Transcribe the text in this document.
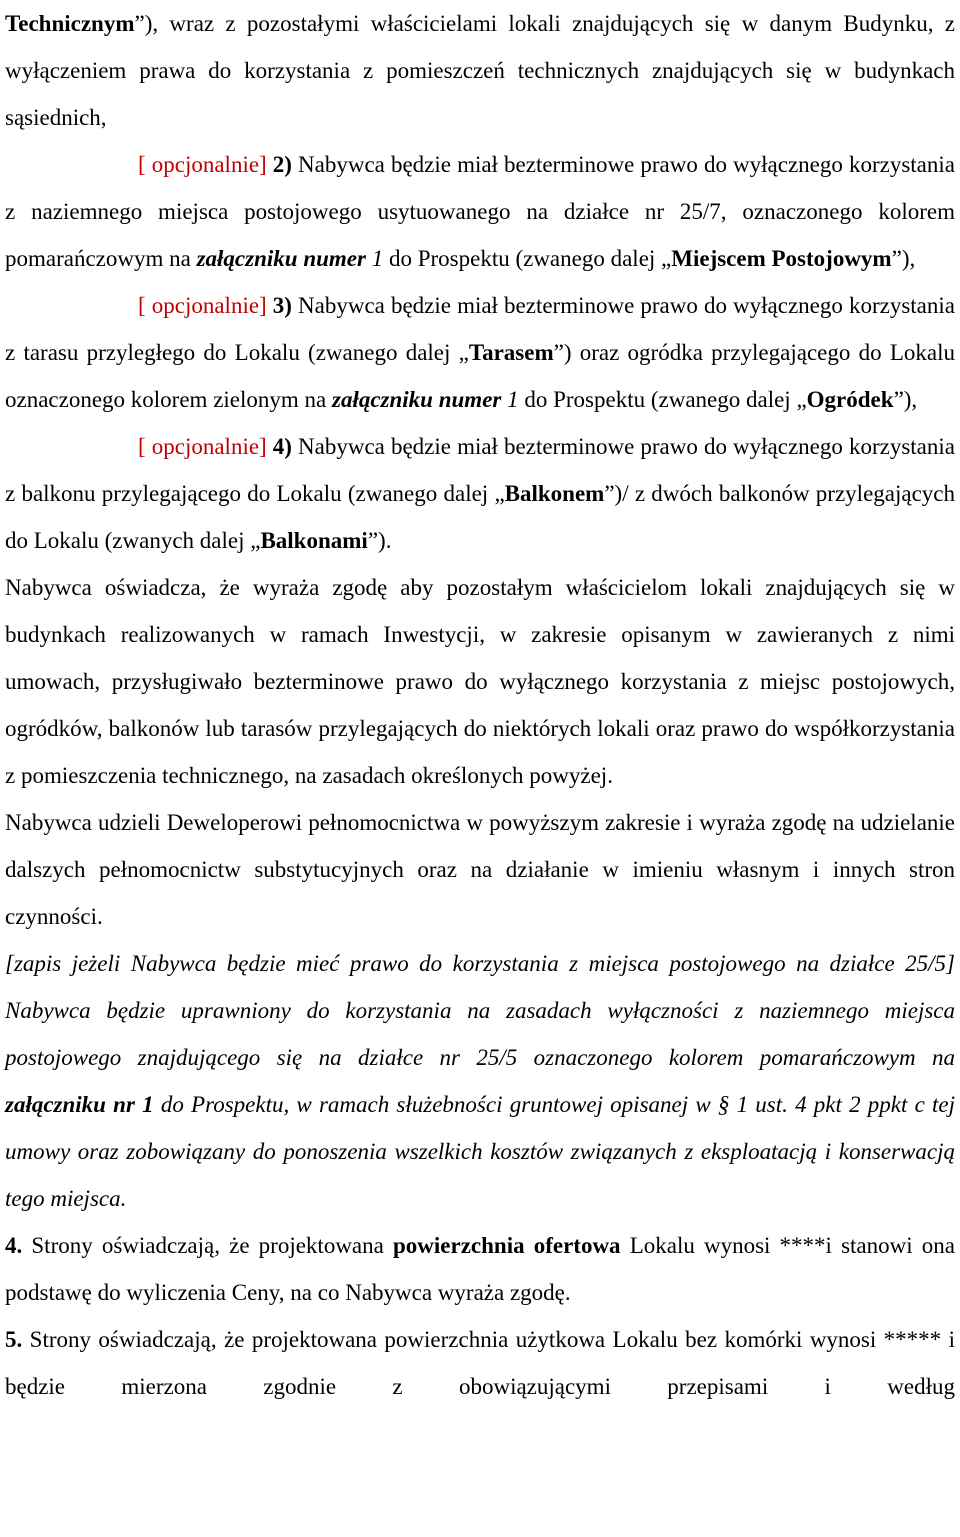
Technicznym”), wraz z pozostałymi właścicielami lokali znajdujących się w danym Budynku, z wyłączeniem prawa do korzystania z pomieszczeń technicznych znajdujących się w budynkach sąsiednich,

[ opcjonalnie] 2) Nabywca będzie miał bezterminowe prawo do wyłącznego korzystania z naziemnego miejsca postojowego usytuowanego na działce nr 25/7, oznaczonego kolorem pomarańczowym na załączniku numer 1 do Prospektu (zwanego dalej „Miejscem Postojowym”),

[ opcjonalnie] 3) Nabywca będzie miał bezterminowe prawo do wyłącznego korzystania z tarasu przyległego do Lokalu (zwanego dalej „Tarasem”) oraz ogródka przylegającego do Lokalu oznaczonego kolorem zielonym na załączniku numer 1 do Prospektu (zwanego dalej „Ogródek”),

[ opcjonalnie] 4) Nabywca będzie miał bezterminowe prawo do wyłącznego korzystania z balkonu przylegającego do Lokalu (zwanego dalej „Balkonem”)/ z dwóch balkonów przylegających do Lokalu (zwanych dalej „Balkonami”).

Nabywca oświadcza, że wyraża zgodę aby pozostałym właścicielom lokali znajdujących się w budynkach realizowanych w ramach Inwestycji, w zakresie opisanym w zawieranych z nimi umowach, przysługiwało bezterminowe prawo do wyłącznego korzystania z miejsc postojowych, ogródków, balkonów lub tarasów przylegających do niektórych lokali oraz prawo do współkorzystania z pomieszczenia technicznego, na zasadach określonych powyżej.

Nabywca udzieli Deweloperowi pełnomocnictwa w powyższym zakresie i wyraża zgodę na udzielanie dalszych pełnomocnictw substytucyjnych oraz na działanie w imieniu własnym i innych stron czynności.

[zapis jeżeli Nabywca będzie mieć prawo do korzystania z miejsca postojowego na działce 25/5] Nabywca będzie uprawniony do korzystania na zasadach wyłączności z naziemnego miejsca postojowego znajdującego się na działce nr 25/5 oznaczonego kolorem pomarańczowym na załączniku nr 1 do Prospektu, w ramach służebności gruntowej opisanej w § 1 ust. 4 pkt 2 ppkt c tej umowy oraz zobowiązany do ponoszenia wszelkich kosztów związanych z eksploatacją i konserwacją tego miejsca.

4. Strony oświadczają, że projektowana powierzchnia ofertowa Lokalu wynosi ****i stanowi ona podstawę do wyliczenia Ceny, na co Nabywca wyraża zgodę.

5. Strony oświadczają, że projektowana powierzchnia użytkowa Lokalu bez komórki wynosi ***** i będzie mierzona zgodnie z obowiązującymi przepisami i według
